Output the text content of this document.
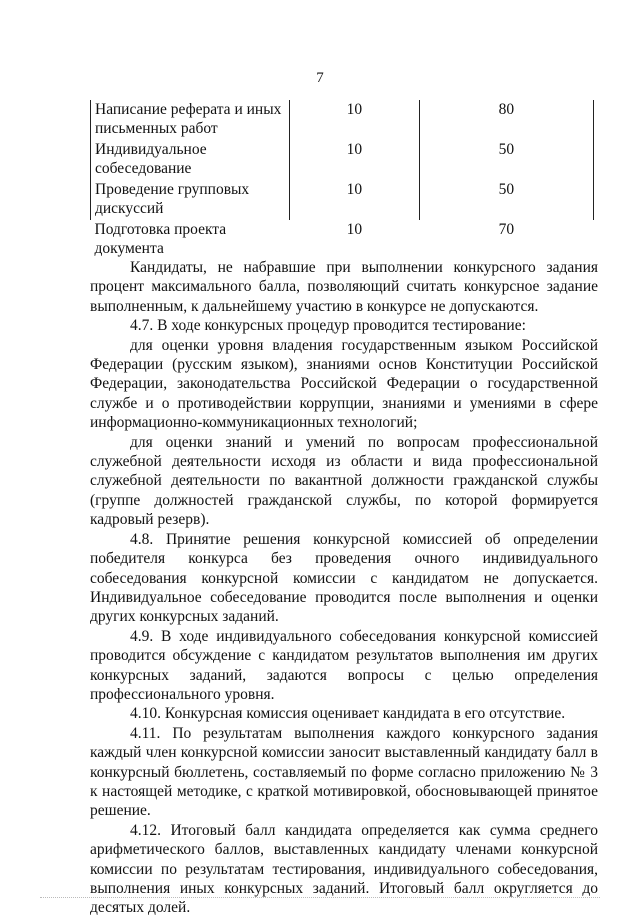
7
Написание реферата и иных письменных работ	10	80
Индивидуальное собеседование	10	50
Проведение групповых дискуссий	10	50
Подготовка проекта документа	10	70

Кандидаты, не набравшие при выполнении конкурсного задания процент максимального балла, позволяющий считать конкурсное задание выполненным, к дальнейшему участию в конкурсе не допускаются.

4.7. В ходе конкурсных процедур проводится тестирование:

для оценки уровня владения государственным языком Российской Федерации (русским языком), знаниями основ Конституции Российской Федерации, законодательства Российской Федерации о государственной службе и о противодействии коррупции, знаниями и умениями в сфере информационно-коммуникационных технологий;

для оценки знаний и умений по вопросам профессиональной служебной деятельности исходя из области и вида профессиональной служебной деятельности по вакантной должности гражданской службы (группе должностей гражданской службы, по которой формируется кадровый резерв).

4.8. Принятие решения конкурсной комиссией об определении победителя конкурса без проведения очного индивидуального собеседования конкурсной комиссии с кандидатом не допускается. Индивидуальное собеседование проводится после выполнения и оценки других конкурсных заданий.

4.9. В ходе индивидуального собеседования конкурсной комиссией проводится обсуждение с кандидатом результатов выполнения им других конкурсных заданий, задаются вопросы с целью определения профессионального уровня.

4.10. Конкурсная комиссия оценивает кандидата в его отсутствие.

4.11. По результатам выполнения каждого конкурсного задания каждый член конкурсной комиссии заносит выставленный кандидату балл в конкурсный бюллетень, составляемый по форме согласно приложению № 3 к настоящей методике, с краткой мотивировкой, обосновывающей принятое решение.

4.12. Итоговый балл кандидата определяется как сумма среднего арифметического баллов, выставленных кандидату членами конкурсной комиссии по результатам тестирования, индивидуального собеседования, выполнения иных конкурсных заданий. Итоговый балл округляется до десятых долей.
